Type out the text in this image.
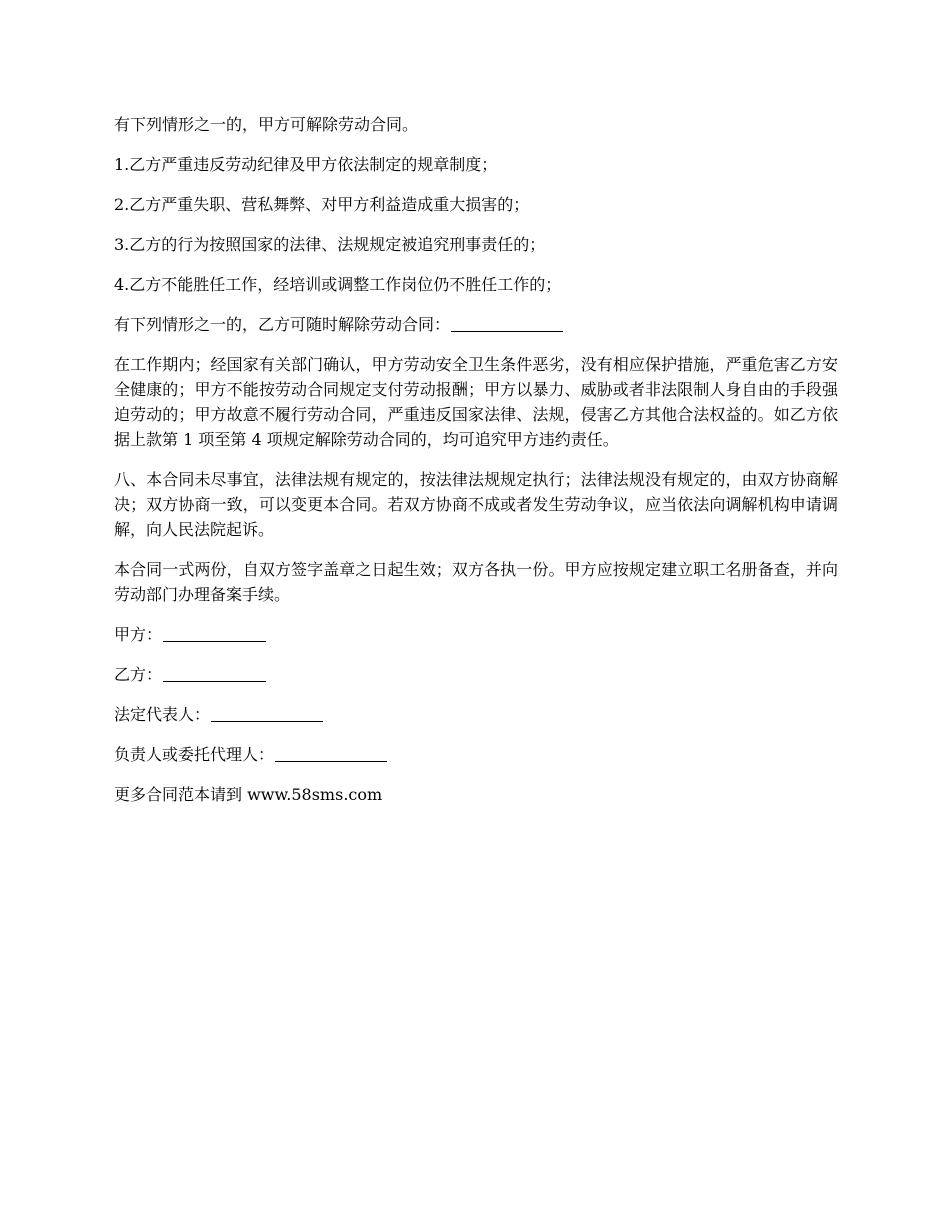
有下列情形之一的，甲方可解除劳动合同。

1.乙方严重违反劳动纪律及甲方依法制定的规章制度；

2.乙方严重失职、营私舞弊、对甲方利益造成重大损害的；

3.乙方的行为按照国家的法律、法规规定被追究刑事责任的；

4.乙方不能胜任工作，经培训或调整工作岗位仍不胜任工作的；

有下列情形之一的，乙方可随时解除劳动合同：

在工作期内；经国家有关部门确认，甲方劳动安全卫生条件恶劣，没有相应保护措施，严重危害乙方安全健康的；甲方不能按劳动合同规定支付劳动报酬；甲方以暴力、威胁或者非法限制人身自由的手段强迫劳动的；甲方故意不履行劳动合同，严重违反国家法律、法规，侵害乙方其他合法权益的。如乙方依据上款第 1 项至第 4 项规定解除劳动合同的，均可追究甲方违约责任。

八、本合同未尽事宜，法律法规有规定的，按法律法规规定执行；法律法规没有规定的，由双方协商解决；双方协商一致，可以变更本合同。若双方协商不成或者发生劳动争议，应当依法向调解机构申请调解，向人民法院起诉。

本合同一式两份，自双方签字盖章之日起生效；双方各执一份。甲方应按规定建立职工名册备查，并向劳动部门办理备案手续。

甲方：

乙方：

法定代表人：

负责人或委托代理人：

更多合同范本请到 www.58sms.com
